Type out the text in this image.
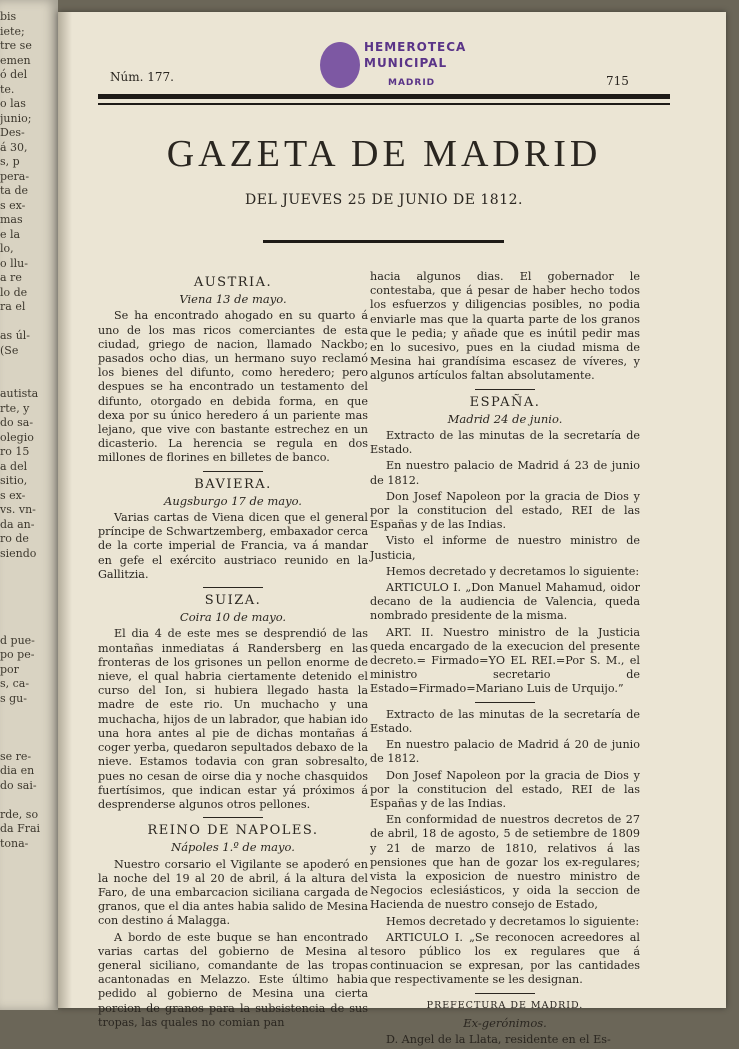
bis
iete;
tre se
emen
ó del
te.
o las
junio;
Des-
á 30,
s, p
pera-
ta de
s ex-
mas
e la
lo,
o llu-
a re
lo de
ra el
as úl-
(Se
autista
rte, y
do sa-
olegio
ro 15
a del
sitio,
s ex-
vs. vn-
da an-
ro de
siendo
d pue-
po pe-
por
s, ca-
s gu-
se re-
dia en
do sai-
rde, so
da Frai
tona-
HEMEROTECA
MUNICIPAL
MADRID
Núm. 177.	715
GAZETA DE MADRID
DEL JUEVES 25 DE JUNIO DE 1812.
AUSTRIA.
Viena 13 de mayo.

Se ha encontrado ahogado en su quarto á uno de los mas ricos comerciantes de esta ciudad, griego de nacion, llamado Nackbo; pasados ocho dias, un hermano suyo reclamó los bienes del difunto, como heredero; pero despues se ha encontrado un testamento del difunto, otorgado en debida forma, en que dexa por su único heredero á un pariente mas lejano, que vive con bastante estrechez en un dicasterio. La herencia se regula en dos millones de florines en billetes de banco.

BAVIERA.
Augsburgo 17 de mayo.

Varias cartas de Viena dicen que el general príncipe de Schwartzemberg, embaxador cerca de la corte imperial de Francia, va á mandar en gefe el exército austriaco reunido en la Gallitzia.

SUIZA.
Coira 10 de mayo.

El dia 4 de este mes se desprendió de las montañas inmediatas á Randersberg en las fronteras de los grisones un pellon enorme de nieve, el qual habria ciertamente detenido el curso del Ion, si hubiera llegado hasta la madre de este rio. Un muchacho y una muchacha, hijos de un labrador, que habian ido una hora antes al pie de dichas montañas á coger yerba, quedaron sepultados debaxo de la nieve. Estamos todavia con gran sobresalto, pues no cesan de oirse dia y noche chasquidos fuertísimos, que indican estar yá próximos á desprenderse algunos otros pellones.

REINO DE NAPOLES.
Nápoles 1.º de mayo.

Nuestro corsario el Vigilante se apoderó en la noche del 19 al 20 de abril, á la altura del Faro, de una embarcacion siciliana cargada de granos, que el dia antes habia salido de Mesina con destino á Malagga.

A bordo de este buque se han encontrado varias cartas del gobierno de Mesina al general siciliano, comandante de las tropas acantonadas en Melazzo. Este último habia pedido al gobierno de Mesina una cierta porcion de granos para la subsistencia de sus tropas, las quales no comian pan

hacia algunos dias. El gobernador le contestaba, que á pesar de haber hecho todos los esfuerzos y diligencias posibles, no podia enviarle mas que la quarta parte de los granos que le pedia; y añade que es inútil pedir mas en lo sucesivo, pues en la ciudad misma de Mesina hai grandísima escasez de víveres, y algunos artículos faltan absolutamente.

ESPAÑA.
Madrid 24 de junio.

Extracto de las minutas de la secretaría de Estado.

En nuestro palacio de Madrid á 23 de junio de 1812.

Don Josef Napoleon por la gracia de Dios y por la constitucion del estado, REI de las Españas y de las Indias.

Visto el informe de nuestro ministro de Justicia,

Hemos decretado y decretamos lo siguiente:

ARTICULO I. „Don Manuel Mahamud, oidor decano de la audiencia de Valencia, queda nombrado presidente de la misma.

ART. II. Nuestro ministro de la Justicia queda encargado de la execucion del presente decreto.= Firmado=YO EL REI.=Por S. M., el ministro secretario de Estado=Firmado=Mariano Luis de Urquijo.”

Extracto de las minutas de la secretaría de Estado.

En nuestro palacio de Madrid á 20 de junio de 1812.

Don Josef Napoleon por la gracia de Dios y por la constitucion del estado, REI de las Españas y de las Indias.

En conformidad de nuestros decretos de 27 de abril, 18 de agosto, 5 de setiembre de 1809 y 21 de marzo de 1810, relativos á las pensiones que han de gozar los ex-regulares; vista la exposicion de nuestro ministro de Negocios eclesiásticos, y oida la seccion de Hacienda de nuestro consejo de Estado,

Hemos decretado y decretamos lo siguiente:

ARTICULO I. „Se reconocen acreedores al tesoro público los ex regulares que á continuacion se expresan, por las cantidades que respectivamente se les designan.

PREFECTURA DE MADRID.
Ex-gerónimos.

D. Angel de la Llata, residente en el Es-
